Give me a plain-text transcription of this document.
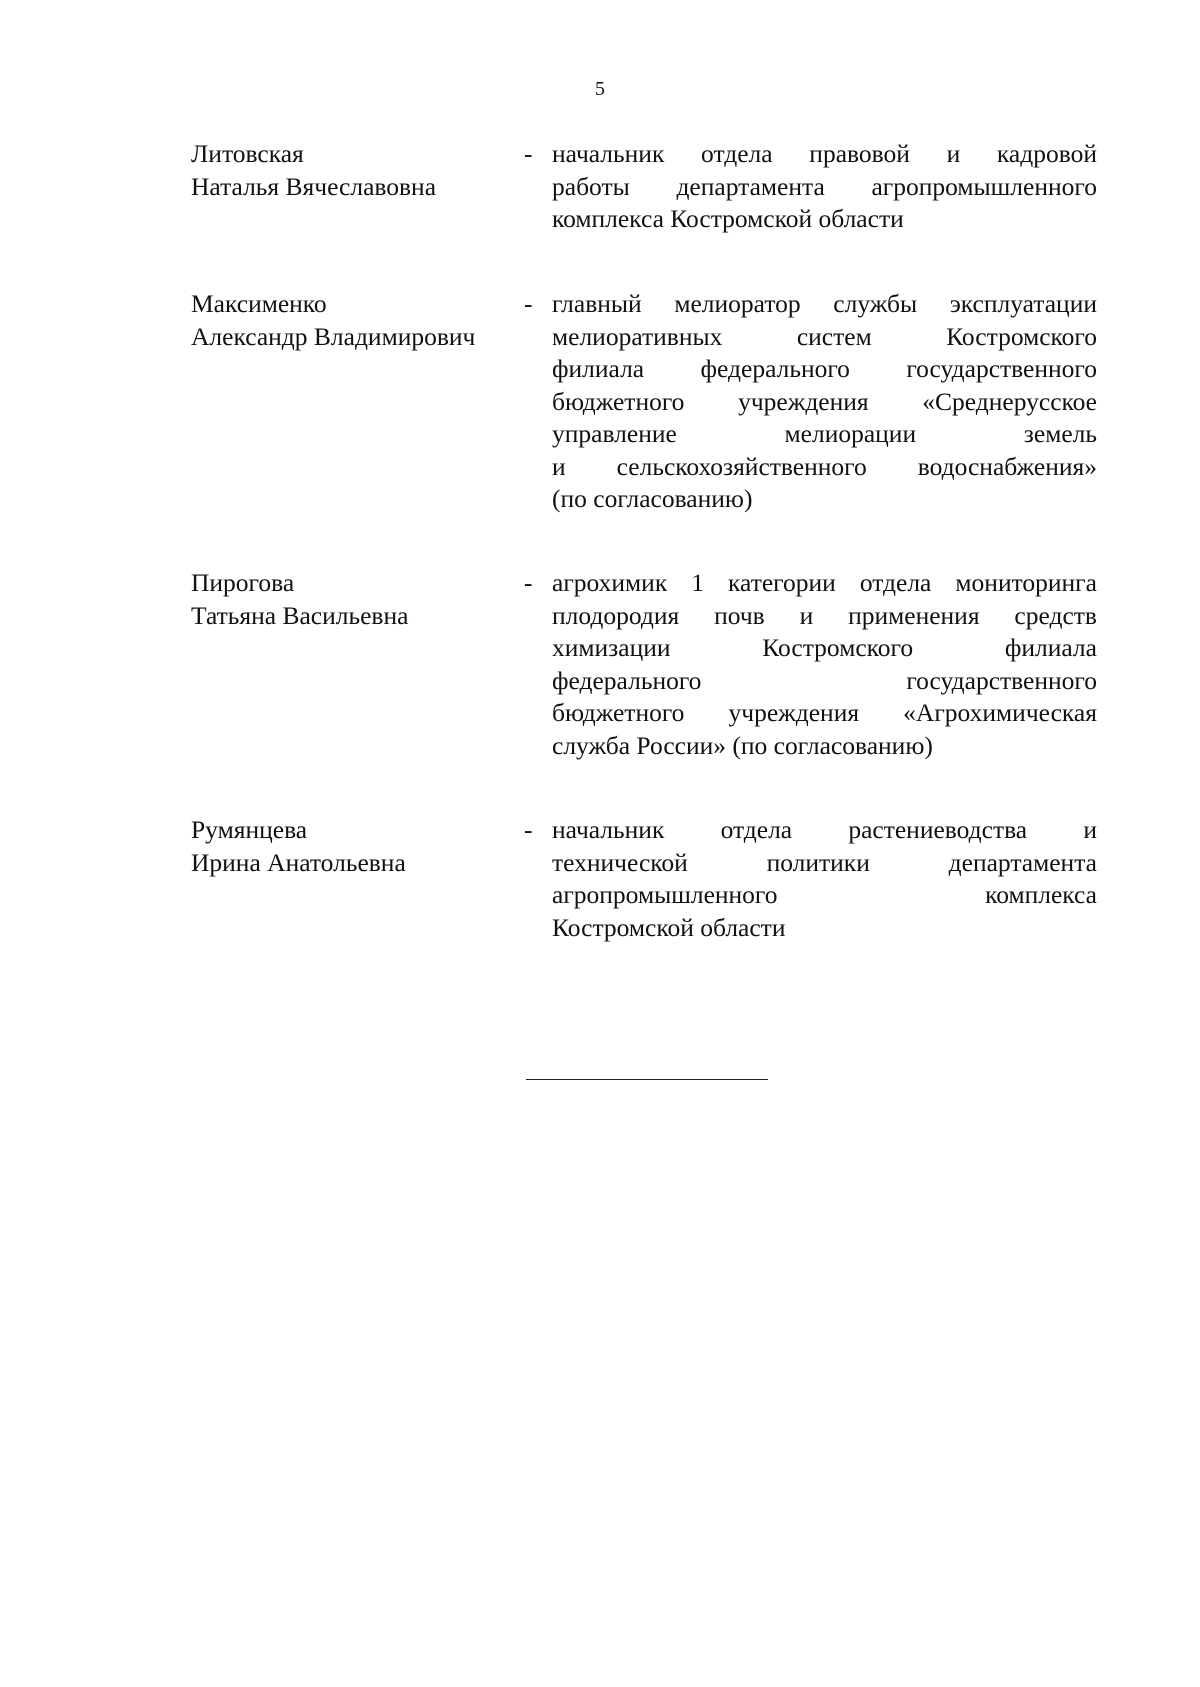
5
Литовская
Наталья Вячеславовна
- начальник отдела правовой и кадровой
работы департамента агропромышленного
комплекса Костромской области
Максименко
Александр Владимирович
- главный мелиоратор службы эксплуатации
мелиоративных	систем	Костромского
филиала федерального государственного
бюджетного учреждения «Среднерусское
управление	мелиорации	земель
и сельскохозяйственного водоснабжения»
(по согласованию)
Пирогова
Татьяна Васильевна
- агрохимик 1 категории отдела мониторинга
плодородия почв и применения средств
химизации	Костромского	филиала
федерального	государственного
бюджетного учреждения «Агрохимическая
служба России» (по согласованию)
Румянцева
Ирина Анатольевна
- начальник отдела растениеводства и
технической	политики	департамента
агропромышленного	комплекса
Костромской области
